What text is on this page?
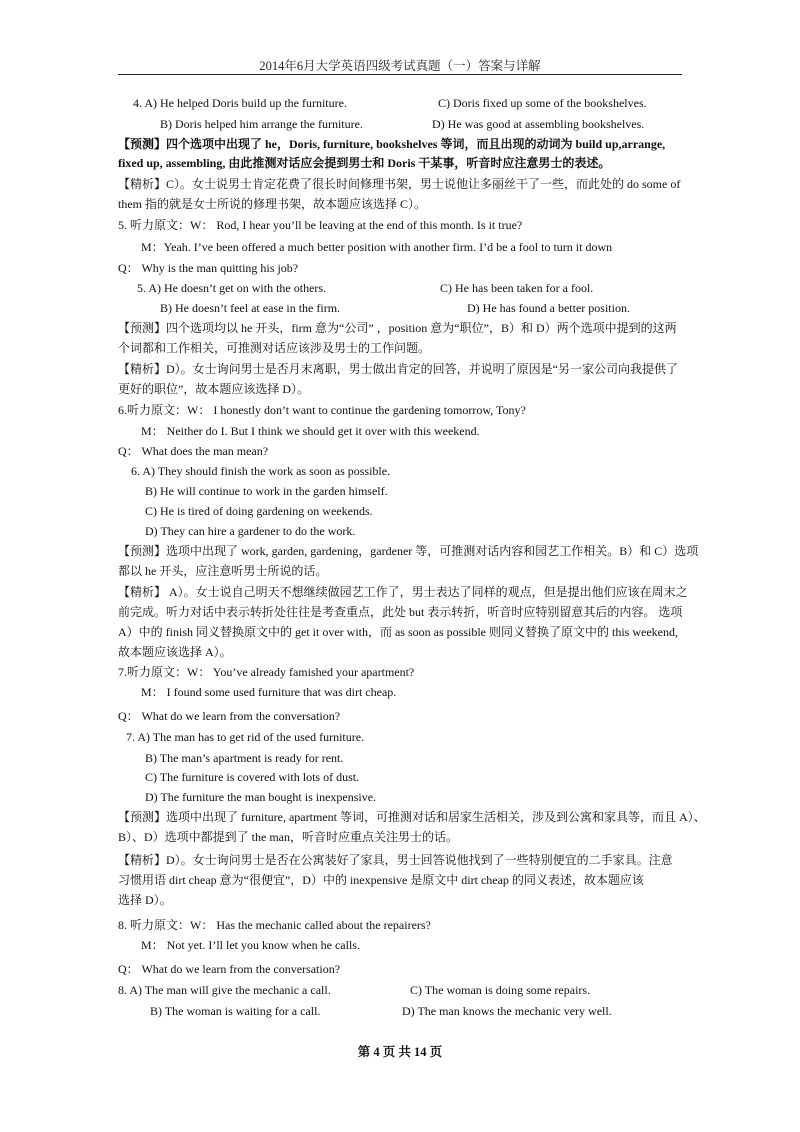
2014年6月大学英语四级考试真题（一）答案与详解
4. A) He helped Doris build up the furniture.	C) Doris fixed up some of the bookshelves.
B) Doris helped him arrange the furniture.	D) He was good at assembling bookshelves.
【预测】四个选项中出现了 he，Doris, furniture, bookshelves 等词，而且出现的动词为 build up,arrange,
fixed up, assembling, 由此推测对话应会提到男士和 Doris 干某事，听音时应注意男士的表述。
【精析】C）。女士说男士肯定花费了很长时间修理书架，男士说他让多丽丝干了一些，而此处的 do some of
them 指的就是女士所说的修理书架，故本题应该选择 C）。
5. 听力原文：W： Rod, I hear you’ll be leaving at the end of this month. Is it true?
M：Yeah. I’ve been offered a much better position with another firm. I’d be a fool to turn it down
Q： Why is the man quitting his job?
5. A) He doesn’t get on with the others.	C) He has been taken for a fool.
B) He doesn’t feel at ease in the firm.	D) He has found a better position.
【预测】四个选项均以 he 开头，firm 意为“公司” ，position 意为“职位”，B）和 D）两个选项中提到的这两
个词都和工作相关，可推测对话应该涉及男士的工作问题。
【精析】D）。女士询问男士是否月末离职，男士做出肯定的回答，并说明了原因是“另一家公司向我提供了
更好的职位”，故本题应该选择 D）。
6.听力原文：W： I honestly don’t want to continue the gardening tomorrow, Tony?
M： Neither do I. But I think we should get it over with this weekend.
Q： What does the man mean?
6. A) They should finish the work as soon as possible.
B) He will continue to work in the garden himself.
C) He is tired of doing gardening on weekends.
D) They can hire a gardener to do the work.
【预测】选项中出现了 work, garden, gardening，gardener 等，可推测对话内容和园艺工作相关。B）和 C）选项
都以 he 开头，应注意听男士所说的话。
【精析】 A）。女士说自己明天不想继续做园艺工作了，男士表达了同样的观点，但是提出他们应该在周末之
前完成。听力对话中表示转折处往往是考查重点，此处 but 表示转折，听音时应特别留意其后的内容。 选项
A）中的 finish 同义替换原文中的 get it over with，而 as soon as possible 则同义替换了原文中的 this weekend,
故本题应该选择 A）。
7.听力原文：W： You’ve already famished your apartment?
M： I found some used furniture that was dirt cheap.
Q： What do we learn from the conversation?
7. A) The man has to get rid of the used furniture.
B) The man’s apartment is ready for rent.
C) The furniture is covered with lots of dust.
D) The furniture the man bought is inexpensive.
【预测】选项中出现了 furniture, apartment 等词，可推测对话和居家生活相关，涉及到公寓和家具等，而且 A）、
B）、D）选项中都提到了 the man，听音时应重点关注男士的话。
【精析】D）。女士询问男士是否在公寓装好了家具，男士回答说他找到了一些特别便宜的二手家具。注意
习惯用语 dirt cheap 意为“很便宜”，D）中的 inexpensive 是原文中 dirt cheap 的同义表述，故本题应该
选择 D）。
8. 听力原文：W： Has the mechanic called about the repairers?
M： Not yet. I’ll let you know when he calls.
Q： What do we learn from the conversation?
8. A) The man will give the mechanic a call.	C) The woman is doing some repairs.
B) The woman is waiting for a call.	D) The man knows the mechanic very well.
第 4 页 共 14 页
